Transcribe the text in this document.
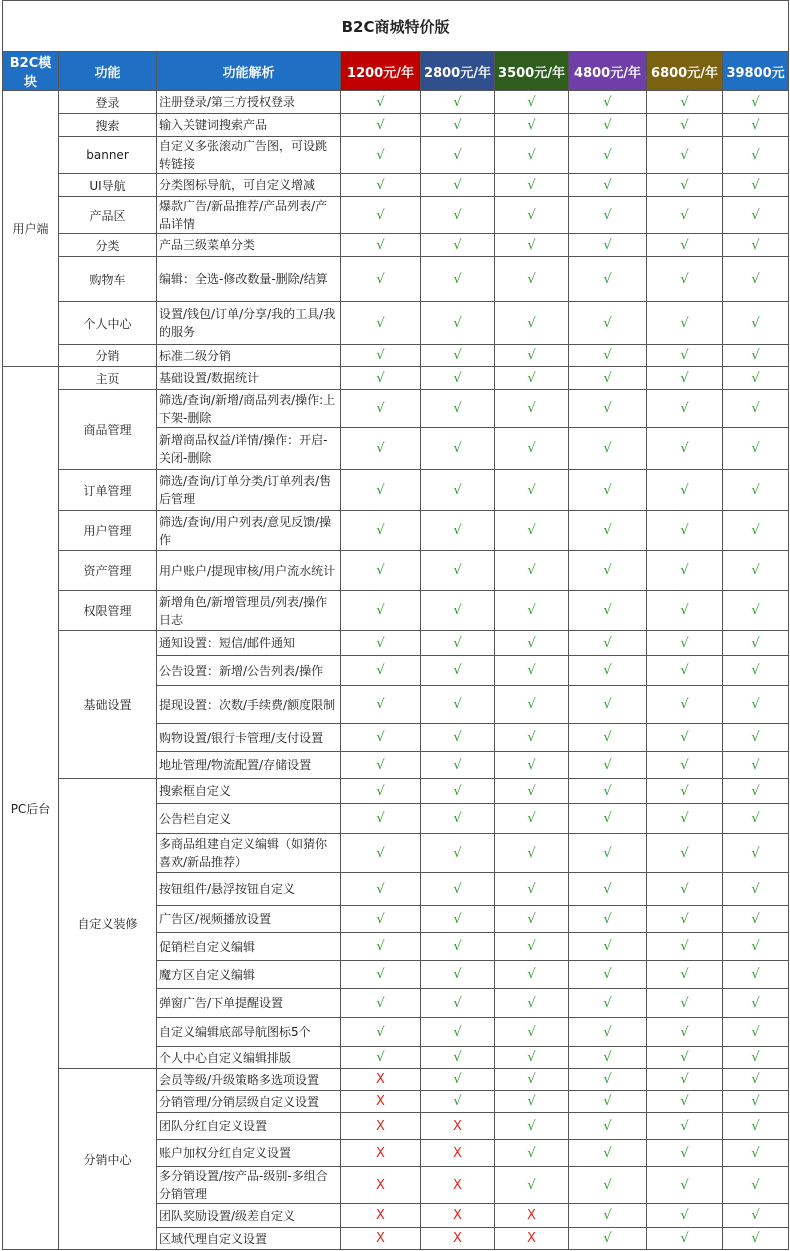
B2C商城特价版								
B2C模块	功能	功能解析	1200元/年	2800元/年	3500元/年	4800元/年	6800元/年	39800元
用户端	登录	注册登录/第三方授权登录	√	√	√	√	√	√
	搜索	输入关键词搜索产品	√	√	√	√	√	√
	banner	自定义多张滚动广告图，可设跳转链接	√	√	√	√	√	√
	UI导航	分类图标导航，可自定义增减	√	√	√	√	√	√
	产品区	爆款广告/新品推荐/产品列表/产品详情	√	√	√	√	√	√
	分类	产品三级菜单分类	√	√	√	√	√	√
	购物车	编辑：全选-修改数量-删除/结算	√	√	√	√	√	√
	个人中心	设置/钱包/订单/分享/我的工具/我的服务	√	√	√	√	√	√
	分销	标准二级分销	√	√	√	√	√	√
PC后台	主页	基础设置/数据统计	√	√	√	√	√	√
	商品管理	筛选/查询/新增/商品列表/操作:上下架-删除	√	√	√	√	√	√
		新增商品权益/详情/操作：开启-关闭-删除	√	√	√	√	√	√
	订单管理	筛选/查询/订单分类/订单列表/售后管理	√	√	√	√	√	√
	用户管理	筛选/查询/用户列表/意见反馈/操作	√	√	√	√	√	√
	资产管理	用户账户/提现审核/用户流水统计	√	√	√	√	√	√
	权限管理	新增角色/新增管理员/列表/操作日志	√	√	√	√	√	√
	基础设置	通知设置：短信/邮件通知	√	√	√	√	√	√
		公告设置：新增/公告列表/操作	√	√	√	√	√	√
		提现设置：次数/手续费/额度限制	√	√	√	√	√	√
		购物设置/银行卡管理/支付设置	√	√	√	√	√	√
		地址管理/物流配置/存储设置	√	√	√	√	√	√
	自定义装修	搜索框自定义	√	√	√	√	√	√
		公告栏自定义	√	√	√	√	√	√
		多商品组建自定义编辑（如猜你喜欢/新品推荐）	√	√	√	√	√	√
		按钮组件/悬浮按钮自定义	√	√	√	√	√	√
		广告区/视频播放设置	√	√	√	√	√	√
		促销栏自定义编辑	√	√	√	√	√	√
		魔方区自定义编辑	√	√	√	√	√	√
		弹窗广告/下单提醒设置	√	√	√	√	√	√
		自定义编辑底部导航图标5个	√	√	√	√	√	√
		个人中心自定义编辑排版	√	√	√	√	√	√
	分销中心	会员等级/升级策略多选项设置	X	√	√	√	√	√
		分销管理/分销层级自定义设置	X	√	√	√	√	√
		团队分红自定义设置	X	X	√	√	√	√
		账户加权分红自定义设置	X	X	√	√	√	√
		多分销设置/按产品-级别-多组合分销管理	X	X	√	√	√	√
		团队奖励设置/级差自定义	X	X	X	√	√	√
		区域代理自定义设置	X	X	X	√	√	√
